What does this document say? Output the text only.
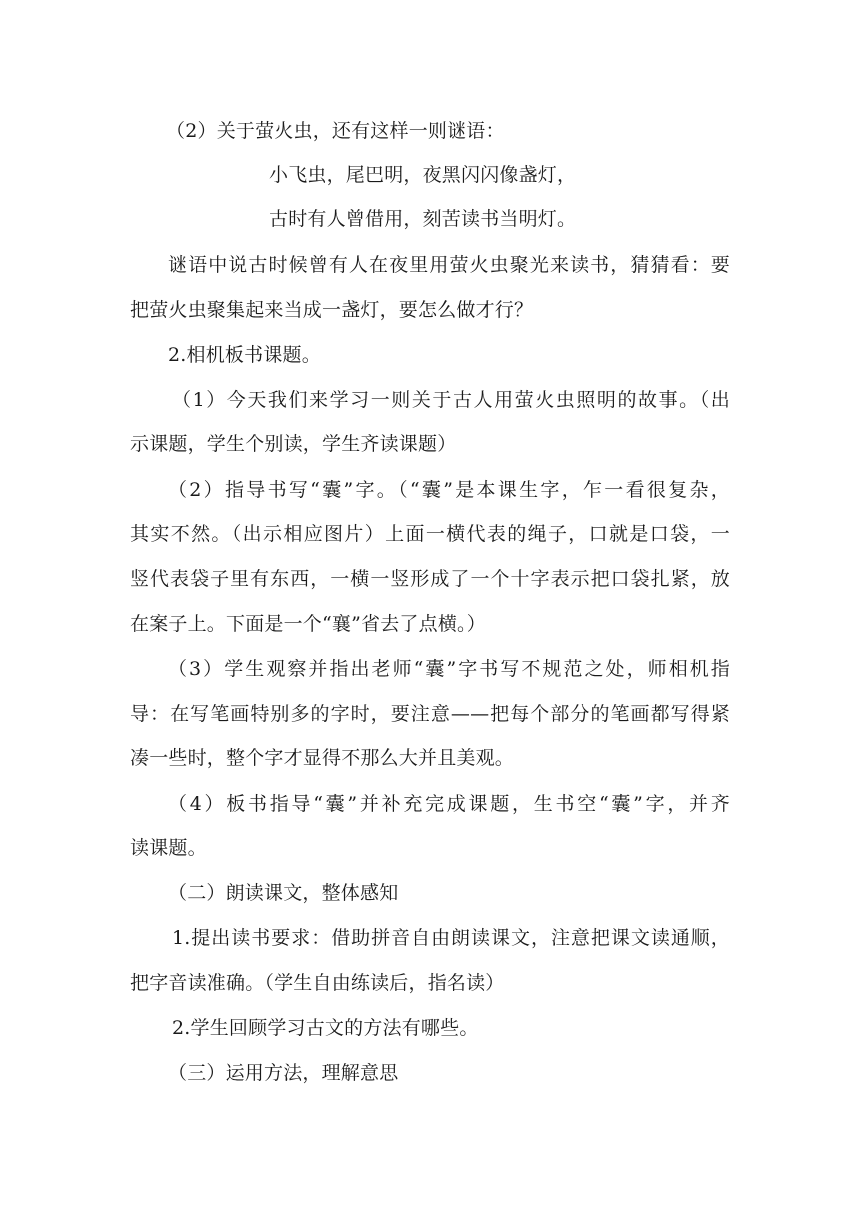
（2）关于萤火虫，还有这样一则谜语：
小飞虫，尾巴明，夜黑闪闪像盏灯，
古时有人曾借用，刻苦读书当明灯。
谜语中说古时候曾有人在夜里用萤火虫聚光来读书，猜猜看：要
把萤火虫聚集起来当成一盏灯，要怎么做才行？
2.相机板书课题。
（1）今天我们来学习一则关于古人用萤火虫照明的故事。（出
示课题，学生个别读，学生齐读课题）
（2）指导书写“囊”字。（“囊”是本课生字，乍一看很复杂，
其实不然。（出示相应图片）上面一横代表的绳子，口就是口袋，一
竖代表袋子里有东西，一横一竖形成了一个十字表示把口袋扎紧，放
在案子上。下面是一个“襄”省去了点横。）
（3）学生观察并指出老师“囊”字书写不规范之处，师相机指
导：在写笔画特别多的字时，要注意——把每个部分的笔画都写得紧
凑一些时，整个字才显得不那么大并且美观。
（4）板书指导“囊”并补充完成课题，生书空“囊”字，并齐
读课题。
（二）朗读课文，整体感知
1.提出读书要求：借助拼音自由朗读课文，注意把课文读通顺，
把字音读准确。（学生自由练读后，指名读）
2.学生回顾学习古文的方法有哪些。
（三）运用方法，理解意思
